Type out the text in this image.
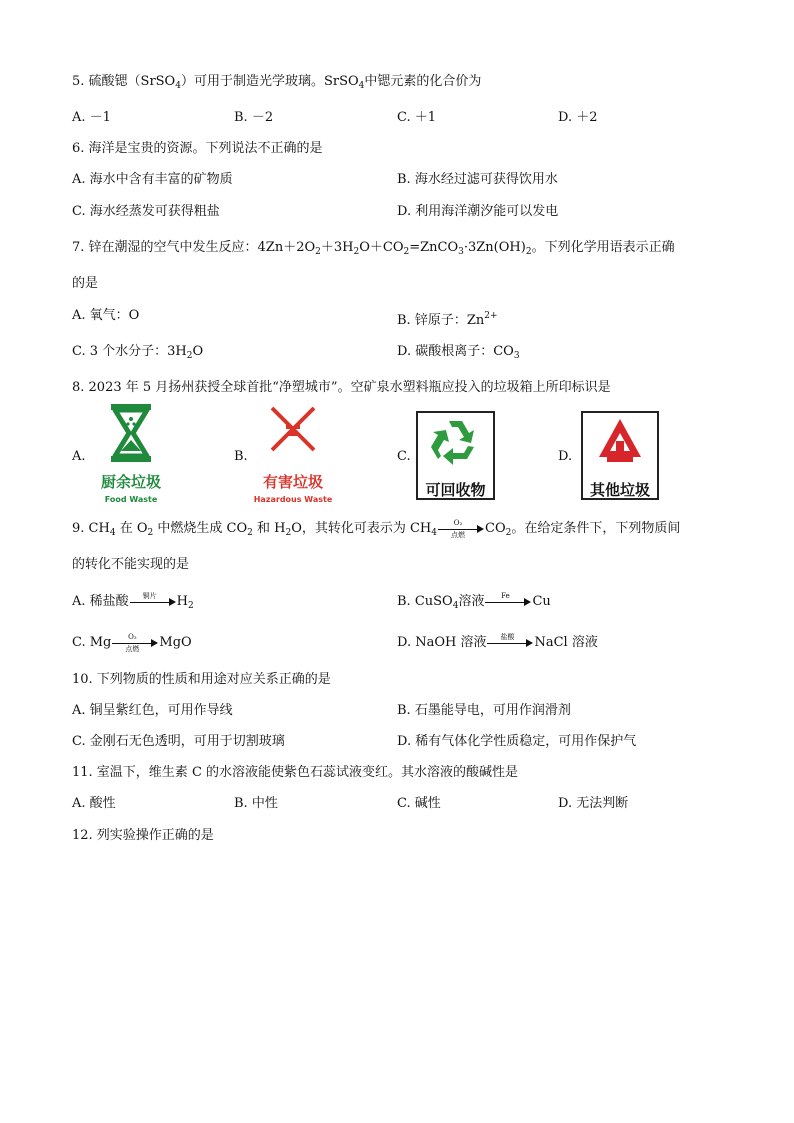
5. 硫酸锶（SrSO$_4$）可用于制造光学玻璃。SrSO$_4$中锶元素的化合价为
A. －1	B. －2	C. ＋1	D. ＋2
6. 海洋是宝贵的资源。下列说法不正确的是
A. 海水中含有丰富的矿物质	B. 海水经过滤可获得饮用水
C. 海水经蒸发可获得粗盐	D. 利用海洋潮汐能可以发电
7. 锌在潮湿的空气中发生反应：$4Zn+2O_2+3H_2O+CO_2=ZnCO_3\cdot 3Zn(OH)_2$。下列化学用语表示正确
的是
A. 氧气：O	B. 锌原子：$Zn^{2+}$
C. 3 个水分子：$3H_2O$	D. 碳酸根离子：$CO_3$
8. 2023 年 5 月扬州获授全球首批“净塑城市”。空矿泉水塑料瓶应投入的垃圾箱上所印标识是
A.
厨余垃圾
Food Waste
B.
有害垃圾
Hazardous Waste
C.
可回收物
D.
其他垃圾
9. $CH_4$ 在 $O_2$ 中燃烧生成 $CO_2$ 和 $H_2O$，其转化可表示为 $CH_4$
O₂
点燃	$CO_2$。在给定条件下，下列物质间
的转化不能实现的是
A. 稀盐酸	铜片	$H_2$	B. CuSO$_4$溶液	Fe	Cu
C. Mg	O₂
点燃	MgO	D. NaOH 溶液	盐酸	NaCl 溶液
10. 下列物质的性质和用途对应关系正确的是
A. 铜呈紫红色，可用作导线	B. 石墨能导电，可用作润滑剂
C. 金刚石无色透明，可用于切割玻璃	D. 稀有气体化学性质稳定，可用作保护气
11. 室温下，维生素 C 的水溶液能使紫色石蕊试液变红。其水溶液的酸碱性是
A. 酸性	B. 中性	C. 碱性	D. 无法判断
12. 列实验操作正确的是
